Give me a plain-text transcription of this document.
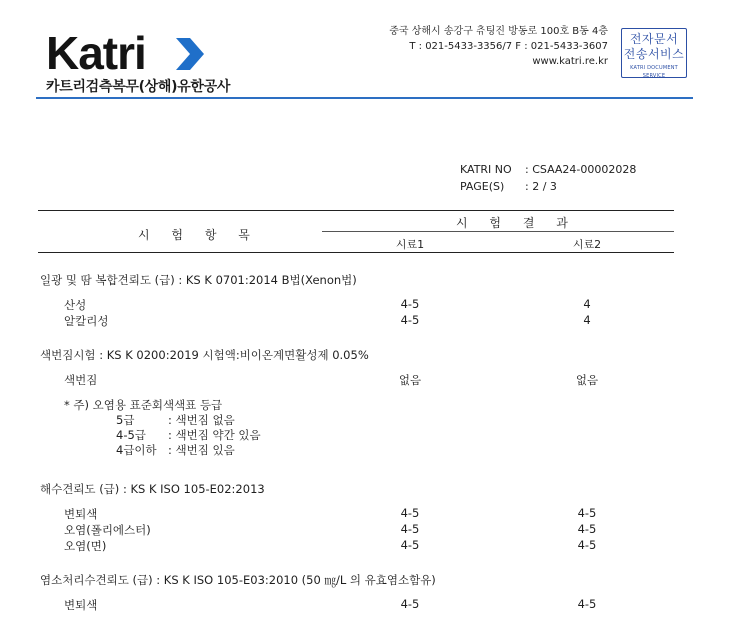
Katri
카트리검측복무(상해)유한공사
중국 상해시 송강구 츄팅진 방동로 100호 B동 4층
T : 021-5433-3356/7 F : 021-5433-3607
www.katri.re.kr
전자문서
전송서비스
KATRI DOCUMENT SERVICE
KATRI NO : CSAA24-00002028
PAGE(S) : 2 / 3
시 험 항 목
시 험 결 과
시료1	시료2
일광 및 땀 복합견뢰도 (급) : KS K 0701:2014 B법(Xenon법)
산성	4-5	4
알칼리성	4-5	4
색번짐시험 : KS K 0200:2019 시험액:비이온계면활성제 0.05%
색번짐	없음	없음
* 주) 오염용 표준회색색표 등급
5급	: 색번짐 없음
4-5급 : 색번짐 약간 있음
4급이하 : 색번짐 있음
해수견뢰도 (급) : KS K ISO 105-E02:2013
변퇴색	4-5	4-5
오염(폴리에스터)	4-5	4-5
오염(면)	4-5	4-5
염소처리수견뢰도 (급) : KS K ISO 105-E03:2010 (50 ㎎/L 의 유효염소함유)
변퇴색	4-5	4-5
